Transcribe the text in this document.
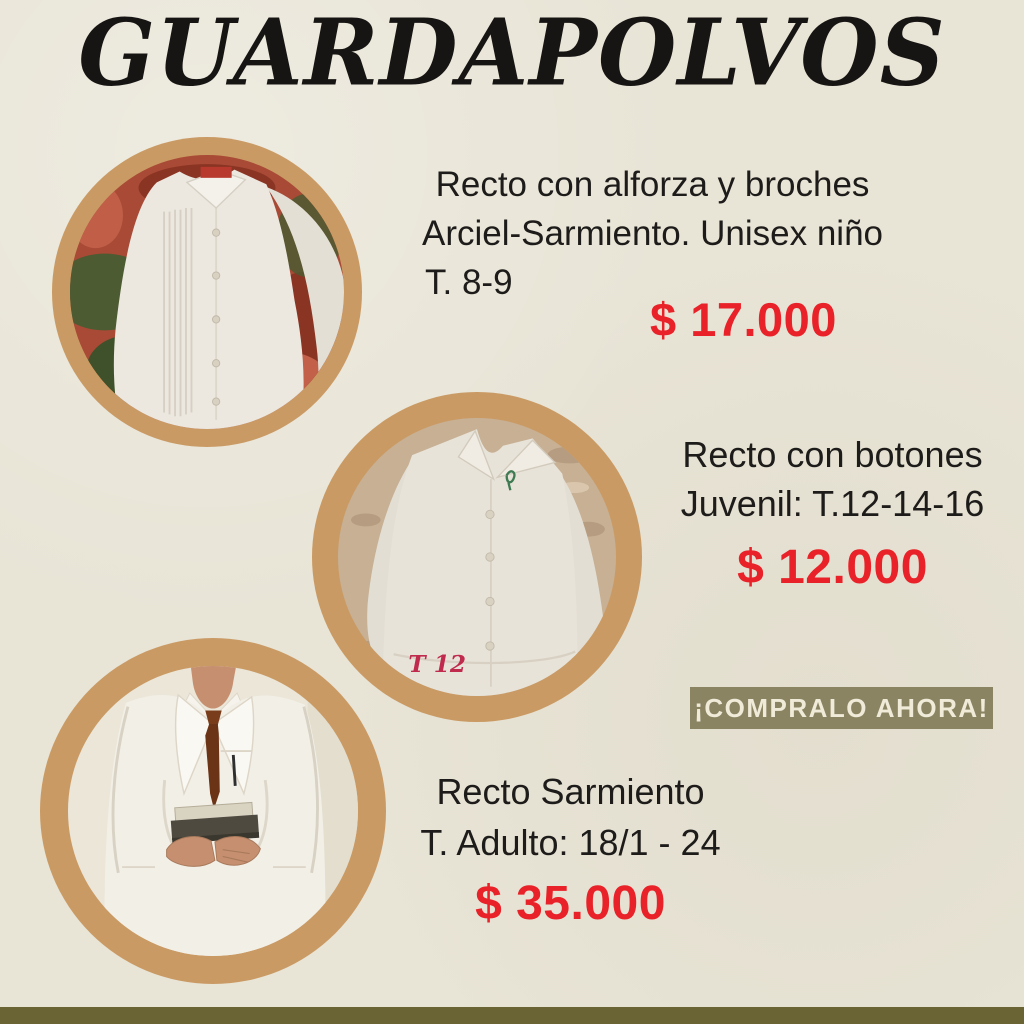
GUARDAPOLVOS
T 12
Recto con alforza y broches
Arciel-Sarmiento. Unisex niño
T. 8-9
$ 17.000
Recto con botones
Juvenil: T.12-14-16
$ 12.000
¡COMPRALO AHORA!
Recto Sarmiento
T. Adulto: 18/1 - 24
$ 35.000
